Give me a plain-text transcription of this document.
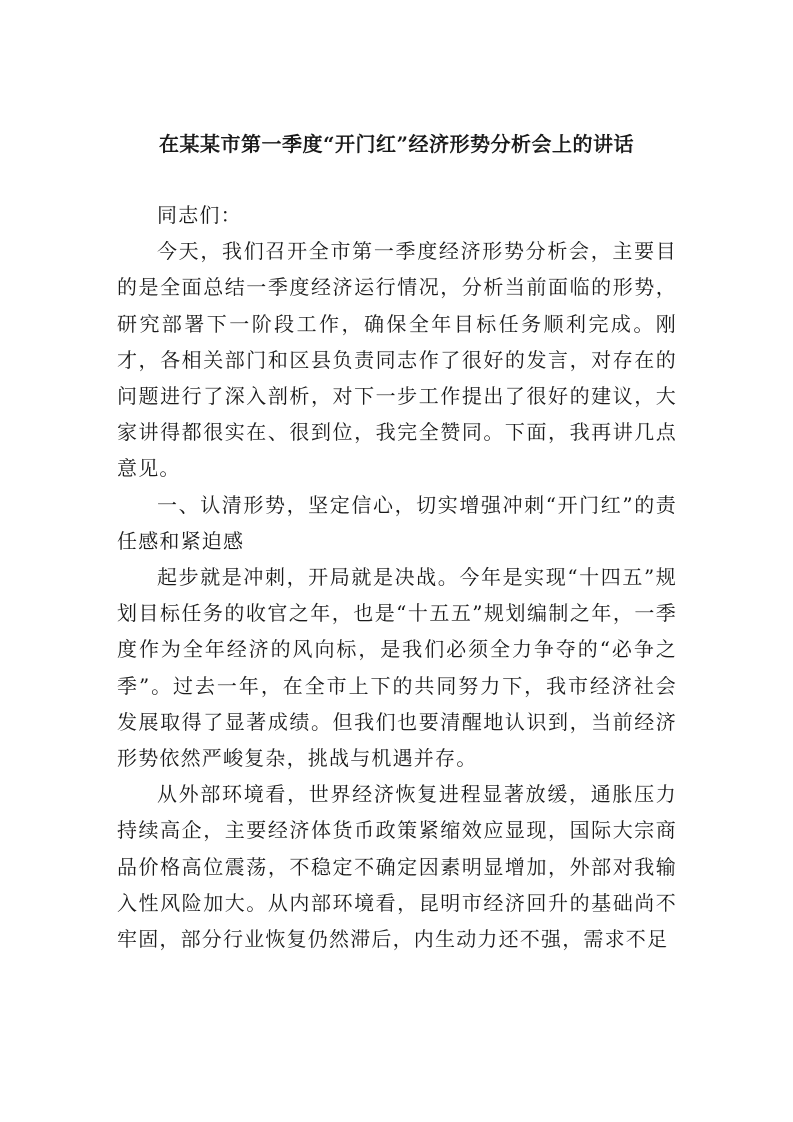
在某某市第一季度“开门红”经济形势分析会上的讲话

同志们：

今天，我们召开全市第一季度经济形势分析会，主要目的是全面总结一季度经济运行情况，分析当前面临的形势，研究部署下一阶段工作，确保全年目标任务顺利完成。刚才，各相关部门和区县负责同志作了很好的发言，对存在的问题进行了深入剖析，对下一步工作提出了很好的建议，大家讲得都很实在、很到位，我完全赞同。下面，我再讲几点意见。

一、认清形势，坚定信心，切实增强冲刺“开门红”的责任感和紧迫感

起步就是冲刺，开局就是决战。今年是实现“十四五”规划目标任务的收官之年，也是“十五五”规划编制之年，一季度作为全年经济的风向标，是我们必须全力争夺的“必争之季”。过去一年，在全市上下的共同努力下，我市经济社会发展取得了显著成绩。但我们也要清醒地认识到，当前经济形势依然严峻复杂，挑战与机遇并存。

从外部环境看，世界经济恢复进程显著放缓，通胀压力持续高企，主要经济体货币政策紧缩效应显现，国际大宗商品价格高位震荡，不稳定不确定因素明显增加，外部对我输入性风险加大。从内部环境看，昆明市经济回升的基础尚不牢固，部分行业恢复仍然滞后，内生动力还不强，需求不足
